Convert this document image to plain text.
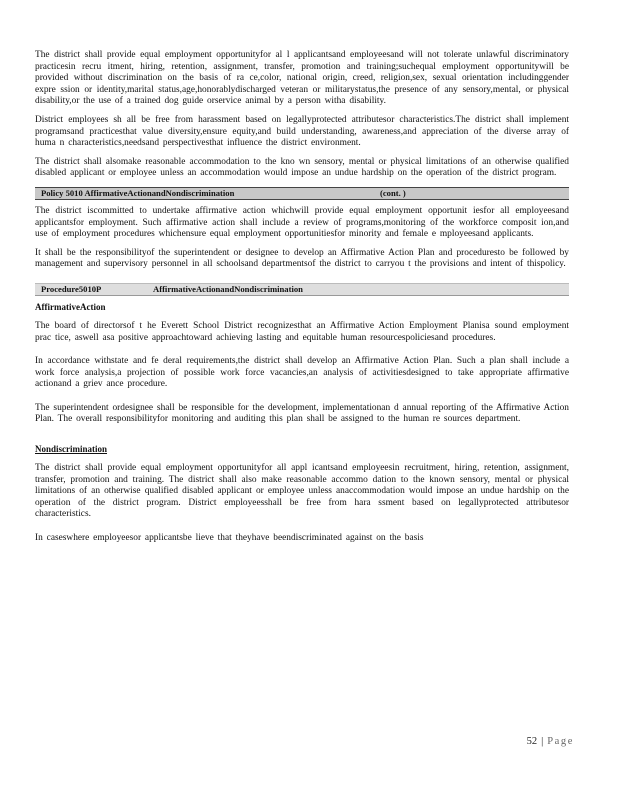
The district shall provide equal employment opportunityfor al l applicantsand employeesand will not tolerate unlawful discriminatory practicesin recru itment, hiring, retention, assignment, transfer, promotion and training;suchequal employment opportunitywill be provided without discrimination on the basis of ra ce,color, national origin, creed, religion,sex, sexual orientation includinggender expre ssion or identity,marital status,age,honorablydischarged veteran or militarystatus,the presence of any sensory,mental, or physical disability,or the use of a trained dog guide orservice animal by a person witha disability.

District employees sh all be free from harassment based on legallyprotected attributesor characteristics.The district shall implement programsand practicesthat value diversity,ensure equity,and build understanding, awareness,and appreciation of the diverse array of huma n characteristics,needsand perspectivesthat influence the district environment.

The district shall alsomake reasonable accommodation to the kno wn sensory, mental or physical limitations of an otherwise qualified disabled applicant or employee unless an accommodation would impose an undue hardship on the operation of the district program.

Policy 5010 AffirmativeActionandNondiscrimination	(cont. )

The district iscommitted to undertake affirmative action whichwill provide equal employment opportunit iesfor all employeesand applicantsfor employment. Such affirmative action shall include a review of programs,monitoring of the workforce composit ion,and use of employment procedures whichensure equal employment opportunitiesfor minority and female e mployeesand applicants.

It shall be the responsibilityof the superintendent or designee to develop an Affirmative Action Plan and proceduresto be followed by management and supervisory personnel in all schoolsand departmentsof the district to carryou t the provisions and intent of thispolicy.

Procedure5010P	AffirmativeActionandNondiscrimination
AffirmativeAction

The board of directorsof t he Everett School District recognizesthat an Affirmative Action Employment Planisa sound employment prac tice, aswell asa positive approachtoward achieving lasting and equitable human resourcespoliciesand procedures.

In accordance withstate and fe deral requirements,the district shall develop an Affirmative Action Plan. Such a plan shall include a work force analysis,a projection of possible work force vacancies,an analysis of activitiesdesigned to take appropriate affirmative actionand a griev ance procedure.

The superintendent ordesignee shall be responsible for the development, implementationan d annual reporting of the Affirmative Action Plan. The overall responsibilityfor monitoring and auditing this plan shall be assigned to the human re sources department.

Nondiscrimination

The district shall provide equal employment opportunityfor all appl icantsand employeesin recruitment, hiring, retention, assignment, transfer, promotion and training. The district shall also make reasonable accommo dation to the known sensory, mental or physical limitations of an otherwise qualified disabled applicant or employee unless anaccommodation would impose an undue hardship on the operation of the district program. District employeesshall be free from hara ssment based on legallyprotected attributesor characteristics.

In caseswhere employeesor applicantsbe lieve that theyhave beendiscriminated against on the basis

52 | Page
